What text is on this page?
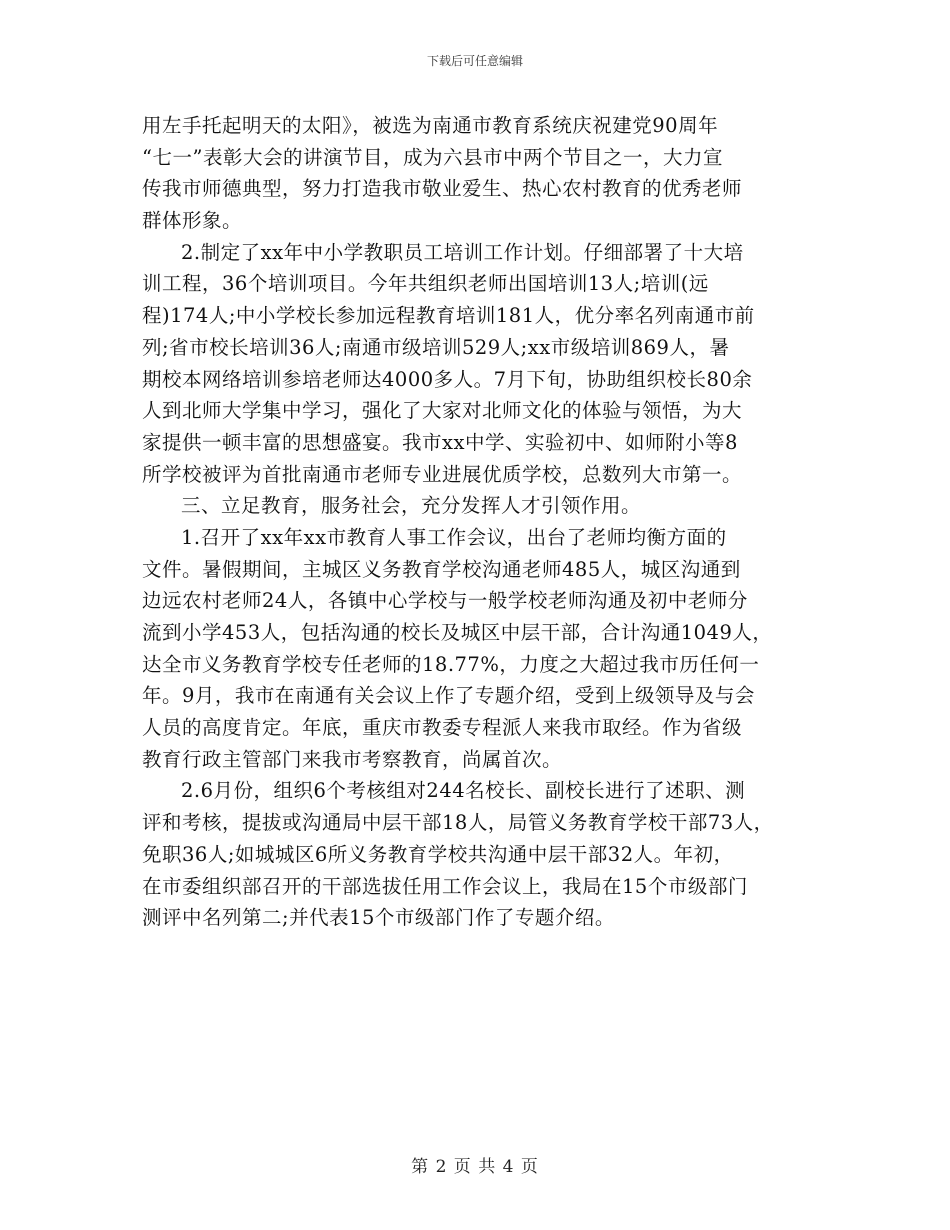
下载后可任意编辑
用左手托起明天的太阳》，被选为南通市教育系统庆祝建党90周年
“七一”表彰大会的讲演节目，成为六县市中两个节目之一，大力宣
传我市师德典型，努力打造我市敬业爱生、热心农村教育的优秀老师
群体形象。
2.制定了xx年中小学教职员工培训工作计划。仔细部署了十大培
训工程，36个培训项目。今年共组织老师出国培训13人;培训(远
程)174人;中小学校长参加远程教育培训181人，优分率名列南通市前
列;省市校长培训36人;南通市级培训529人;xx市级培训869人，暑
期校本网络培训参培老师达4000多人。7月下旬，协助组织校长80余
人到北师大学集中学习，强化了大家对北师文化的体验与领悟，为大
家提供一顿丰富的思想盛宴。我市xx中学、实验初中、如师附小等8
所学校被评为首批南通市老师专业进展优质学校，总数列大市第一。
三、立足教育，服务社会，充分发挥人才引领作用。
1.召开了xx年xx市教育人事工作会议，出台了老师均衡方面的
文件。暑假期间，主城区义务教育学校沟通老师485人，城区沟通到
边远农村老师24人，各镇中心学校与一般学校老师沟通及初中老师分
流到小学453人，包括沟通的校长及城区中层干部，合计沟通1049人，
达全市义务教育学校专任老师的18.77%，力度之大超过我市历任何一
年。9月，我市在南通有关会议上作了专题介绍，受到上级领导及与会
人员的高度肯定。年底，重庆市教委专程派人来我市取经。作为省级
教育行政主管部门来我市考察教育，尚属首次。
2.6月份，组织6个考核组对244名校长、副校长进行了述职、测
评和考核，提拔或沟通局中层干部18人，局管义务教育学校干部73人，
免职36人;如城城区6所义务教育学校共沟通中层干部32人。年初，
在市委组织部召开的干部选拔任用工作会议上，我局在15个市级部门
测评中名列第二;并代表15个市级部门作了专题介绍。
第 2 页 共 4 页
